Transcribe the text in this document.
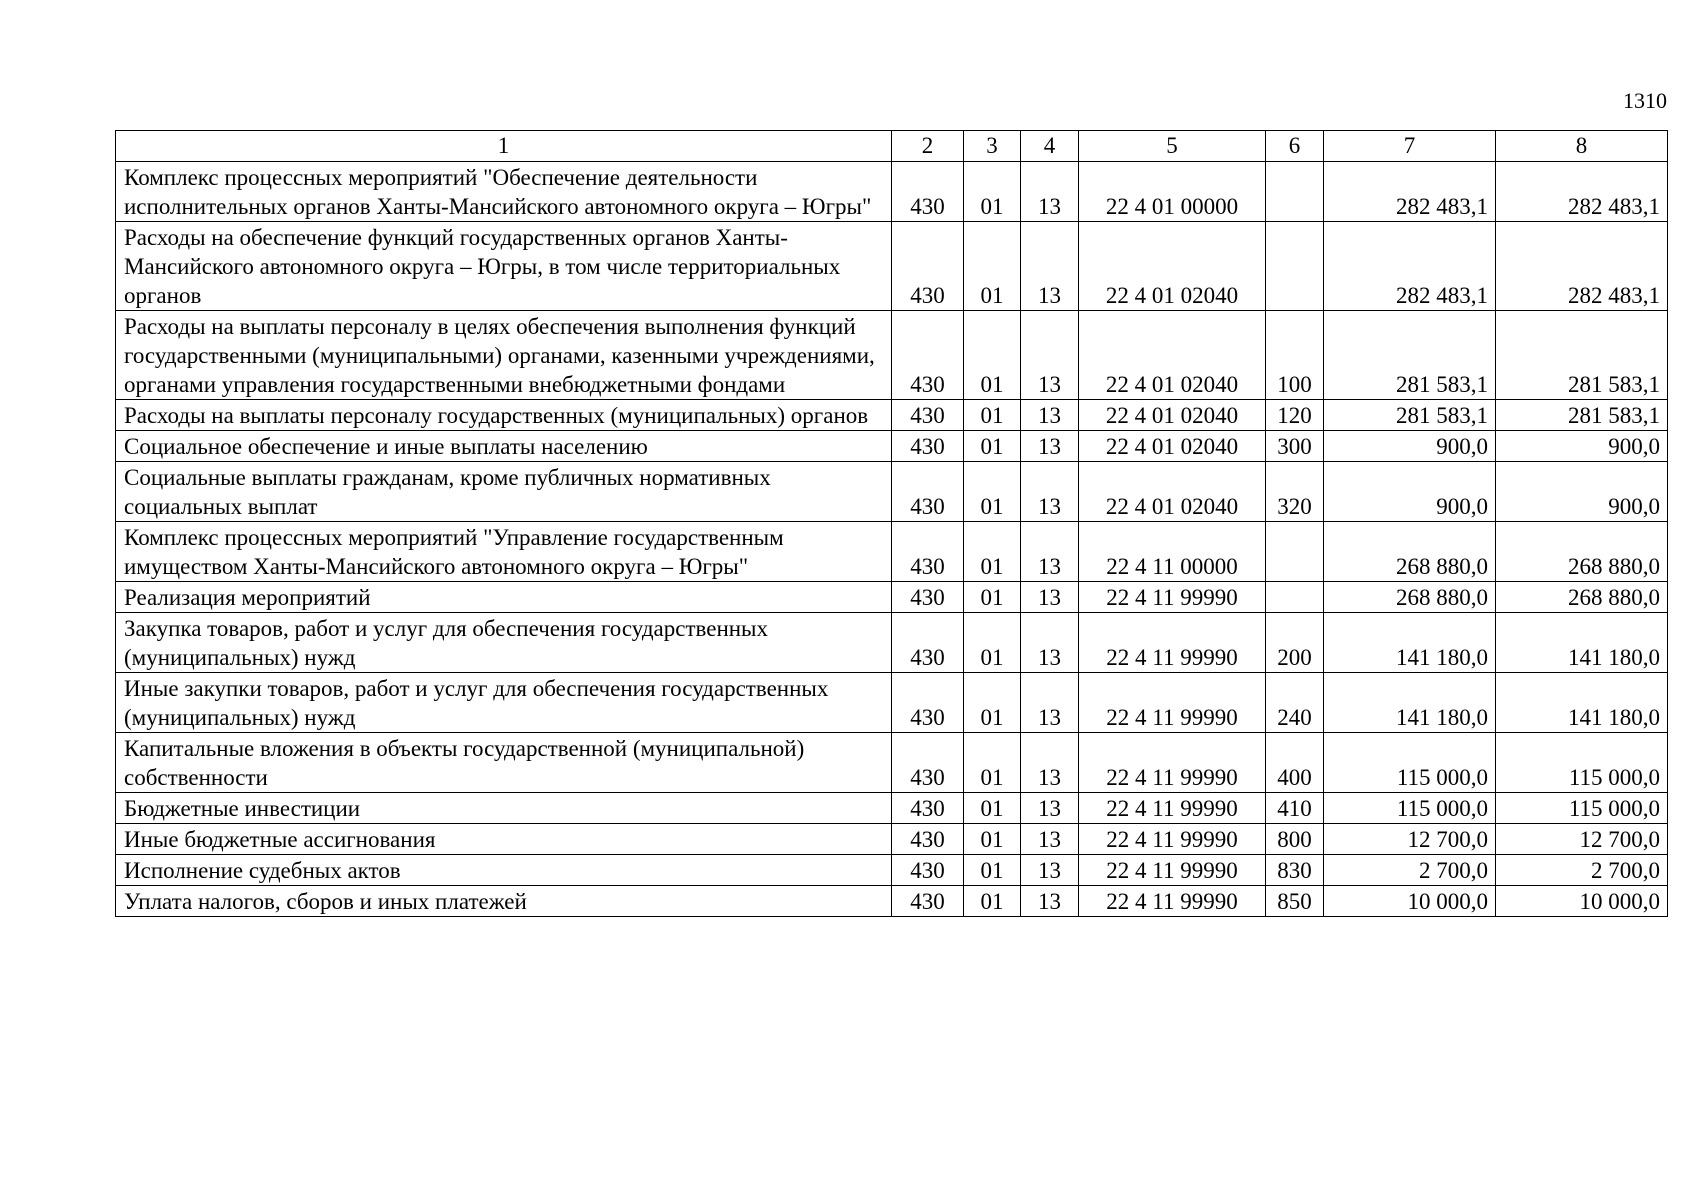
1310
1	2	3	4	5	6	7	8
Комплекс процессных мероприятий "Обеспечение деятельности исполнительных органов Ханты-Мансийского автономного округа – Югры"	430	01	13	22 4 01 00000		282 483,1	282 483,1
Расходы на обеспечение функций государственных органов Ханты-Мансийского автономного округа – Югры, в том числе территориальных органов	430	01	13	22 4 01 02040		282 483,1	282 483,1
Расходы на выплаты персоналу в целях обеспечения выполнения функций государственными (муниципальными) органами, казенными учреждениями, органами управления государственными внебюджетными фондами	430	01	13	22 4 01 02040	100	281 583,1	281 583,1
Расходы на выплаты персоналу государственных (муниципальных) органов	430	01	13	22 4 01 02040	120	281 583,1	281 583,1
Социальное обеспечение и иные выплаты населению	430	01	13	22 4 01 02040	300	900,0	900,0
Социальные выплаты гражданам, кроме публичных нормативных социальных выплат	430	01	13	22 4 01 02040	320	900,0	900,0
Комплекс процессных мероприятий "Управление государственным имуществом Ханты-Мансийского автономного округа – Югры"	430	01	13	22 4 11 00000		268 880,0	268 880,0
Реализация мероприятий	430	01	13	22 4 11 99990		268 880,0	268 880,0
Закупка товаров, работ и услуг для обеспечения государственных (муниципальных) нужд	430	01	13	22 4 11 99990	200	141 180,0	141 180,0
Иные закупки товаров, работ и услуг для обеспечения государственных (муниципальных) нужд	430	01	13	22 4 11 99990	240	141 180,0	141 180,0
Капитальные вложения в объекты государственной (муниципальной) собственности	430	01	13	22 4 11 99990	400	115 000,0	115 000,0
Бюджетные инвестиции	430	01	13	22 4 11 99990	410	115 000,0	115 000,0
Иные бюджетные ассигнования	430	01	13	22 4 11 99990	800	12 700,0	12 700,0
Исполнение судебных актов	430	01	13	22 4 11 99990	830	2 700,0	2 700,0
Уплата налогов, сборов и иных платежей	430	01	13	22 4 11 99990	850	10 000,0	10 000,0
